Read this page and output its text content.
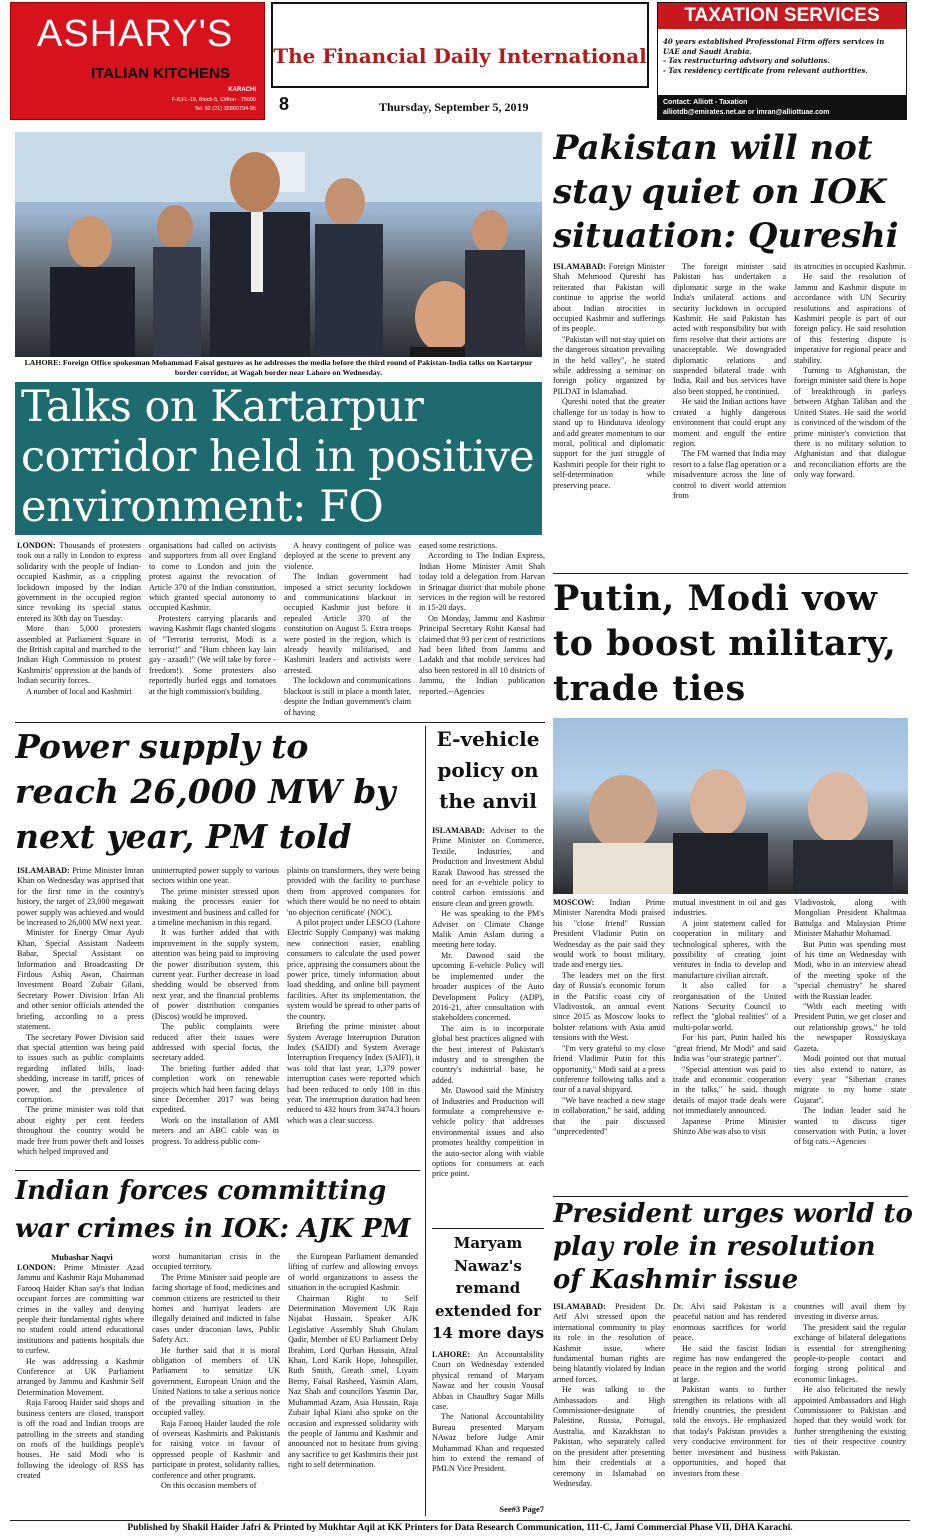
ASHARY'S
ITALIAN KITCHENS
KARACHI
F-8,FL-19, Block-5, Clifton - 75600
Tel: 92 (21) 35860794-95
The Financial Daily International
8	Thursday, September 5, 2019
TAXATION SERVICES
40 years established Professional Firm offers services in UAE and Saudi Arabia.
- Tax restructuring advisory and solutions.
- Tax residency certificate from relevant authorities.
Contact: Alliott - Taxation
alliotdb@emirates.net.ae or imran@alliottuae.com
LAHORE: Foreign Office spokesman Mohammad Faisal gestures as he addresses the media before the third round of Pakistan-India talks on Kartarpur border corridor, at Wagah border near Lahore on Wednesday.
Talks on Kartarpur corridor held in positive environment: FO

LONDON: Thousands of protesters took out a rally in London to express solidarity with the people of Indian-occupied Kashmir, as a crippling lockdown imposed by the Indian government in the occupied region since revoking its special status entered its 30th day on Tuesday.

More than 5,000 protesters assembled at Parliament Square in the British capital and marched to the Indian High Commission to protest Kashmiris' oppression at the hands of Indian security forces.

A number of local and Kashmiri

organisations had called on activists and supporters from all over England to come to London and join the protest against the revocation of Article 370 of the Indian constitution, which granted special autonomy to occupied Kashmir.

Protesters carrying placards and waving Kashmir flags chanted slogans of "Terrorist terrorist, Modi is a terrorist!" and "Hum chheen kay lain gay - azaadi!" (We will take by force - freedom!). Some protesters also reportedly hurled eggs and tomatoes at the high commission's building.

A heavy contingent of police was deployed at the scene to prevent any violence.

The Indian government had imposed a strict security lockdown and communications blackout in occupied Kashmir just before it repealed Article 370 of the constitution on August 5. Extra troops were posted in the region, which is already heavily militarised, and Kashmiri leaders and activists were arrested.

The lockdown and communications blackout is still in place a month later, despite the Indian government's claim of having

eased some restrictions.

According to The Indian Express, Indian Home Minister Amit Shah today told a delegation from Harvan in Srinagar district that mobile phone services in the region will be restored in 15-20 days.

On Monday, Jammu and Kashmir Principal Secretary Rohit Kansal had claimed that 93 per cent of restrictions had been lifted from Jammu and Ladakh and that mobile services had also been restored in all 10 districts of Jammu, the Indian publication reported.--Agencies

Pakistan will not stay quiet on IOK situation: Qureshi

ISLAMABAD: Foreign Minister Shah Mehmood Qureshi has reiterated that Pakistan will continue to apprise the world about Indian atrocities in occupied Kashmir and sufferings of its people.

"Pakistan will not stay quiet on the dangerous situation prevailing in the held valley", he stated while addressing a seminar on foreign policy organized by PILDAT in Islamabad.

Qureshi noted that the greater challenge for us today is how to stand up to Hindutava ideology and add greater momentum to our moral, political and diplomatic support for the just struggle of Kashmiri people for their right to self-determination while preserving peace.

The foreign minister said Pakistan has undertaken a diplomatic surge in the wake India's unilateral actions and security lockdown in occupied Kashmir. He said Pakistan has acted with responsibility but with firm resolve that their actions are unacceptable. We downgraded diplomatic relations and suspended bilateral trade with India, Rail and bus services have also been stopped, he continued.

He said the Indian actions have created a highly dangerous environment that could erupt any moment and engulf the entire region.

The FM warned that India may resort to a false flag operation or a misadventure across the line of control to divert world attention from

its atrocities in occupied Kashmir.

He said the resolution of Jammu and Kashmir dispute in accordance with UN Security resolutions and aspirations of Kashmiri people is part of our foreign policy. He said resolution of this festering dispute is imperative for regional peace and stability.

Turning to Afghanistan, the foreign minister said there is hope of breakthrough in parleys between Afghan Taliban and the United States. He said the world is convinced of the wisdom of the prime minister's conviction that there is no military solution to Afghanistan and that dialogue and reconciliation efforts are the only way forward.

Putin, Modi vow to boost military, trade ties

MOSCOW: Indian Prime Minister Narendra Modi praised his "close friend" Russian President Vladimir Putin on Wednesday as the pair said they would work to boost military, trade and energy ties.

The leaders met on the first day of Russia's economic forum in the Pacific coast city of Vladivostok, an annual event since 2015 as Moscow looks to bolster relations with Asia amid tensions with the West.

"I'm very grateful to my close friend Vladimir Putin for this opportunity," Modi said at a press conference following talks and a tour of a naval shipyard.

"We have reached a new stage in collaboration," he said, adding that the pair discussed "unprecedented"

mutual investment in oil and gas industries.

A joint statement called for cooperation in military and technological spheres, with the possibility of creating joint ventures in India to develop and manufacture civilian aircraft.

It also called for a reorganisation of the United Nations Security Council to reflect the "global realities" of a multi-polar world.

For his part, Putin hailed his "great friend, Mr Modi" and said India was "our strategic partner".

"Special attention was paid to trade and economic cooperation in the talks," he said, though details of major trade deals were not immediately announced.

Japanese Prime Minister Shinzo Abe was also to visit

Vladivostok, along with Mongolian President Khaltmaa Battulga and Malaysian Prime Minister Mahathir Mohamad.

But Putin was spending most of his time on Wednesday with Modi, who in an interview ahead of the meeting spoke of the "special chemistry" he shared with the Russian leader.

"With each meeting with President Putin, we get closer and our relationship grows," he told the newspaper Rossiyskaya Gazeta.

Modi pointed out that mutual ties also extend to nature, as every year "Siberian cranes migrate to my home state Gujarat".

The Indian leader said he wanted to discuss tiger conservation with Putin, a lover of big cats.--Agencies

President urges world to play role in resolution of Kashmir issue

ISLAMABAD: President Dr. Arif Alvi stressed upon the international community to play its role in the resolution of Kashmir issue, where fundamental human rights are being blatantly violated by Indian armed forces.

He was talking to the Ambassadors and High Commissioner-designate of Palestine, Russia, Portugal, Australia, and Kazakhstan to Pakistan, who separately called on the president after presenting him their credentials at a ceremony in Islamabad on Wednesday.

Dr. Alvi said Pakistan is a peaceful nation and has rendered enormous sacrifices for world peace.

He said the fascist Indian regime has now endangered the peace in the region and the world at large.

Pakistan wants to further strengthen its relations with all friendly countries, the president told the envoys. He emphasized that today's Pakistan provides a very conducive environment for better investment and business opportunities, and hoped that investors from these

countries will avail them by investing in diverse areas.

The president said the regular exchange of bilateral delegations is essential for strengthening people-to-people contact and forging strong political and economic linkages.

He also felicitated the newly appointed Ambassadors and High Commissioner to Pakistan and hoped that they would work for further strengthening the existing ties of their respective country with Pakistan.

Power supply to reach 26,000 MW by next year, PM told

ISLAMABAD: Prime Minister Imran Khan on Wednesday was apprised that for the first time in the country's history, the target of 23,000 megawatt power supply was achieved and would be increased to 26,000 MW next year.

Minister for Energy Omar Ayub Khan, Special Assistant Nadeem Babar, Special Assistant on Information and Broadcasting Dr Firdous Ashiq Awan, Chairman Investment Board Zubair Gilani, Secretary Power Division Irfan Ali and other senior officials attended the briefing, according to a press statement.

The secretary Power Division said that special attention was being paid to issues such as public complaints regarding inflated bills, load-shedding, increase in tariff, prices of power, and the prevalence of corruption.

The prime minister was told that about eighty per cent feeders throughout the country would be made free from power theft and losses which helped improved and

uninterrupted power supply to various sectors within one year.

The prime minister stressed upon making the processes easier for investment and business and called for a timeline mechanism in this regard.

It was further added that with improvement in the supply system, attention was being paid to improving the power distribution system, this current year. Further decrease in load shedding would be observed from next year, and the financial problems of power distribution companies (Discos) would be improved.

The public complaints were reduced after their issues were addressed with special focus, the secretary added.

The briefing further added that completion work on renewable projects which had been facing delays since December 2017 was being expedited.

Work on the installation of AMI meters and an ABC cable was in progress. To address public com-

plaints on transformers, they were being provided with the facility to purchase them from approved companies for which there would be no need to obtain 'no objection certificate' (NOC).

A pilot project under LESCO (Lahore Electric Supply Company) was making new connection easier, enabling consumers to calculate the used power price, apprising the consumers about the power price, timely information about load shedding, and online bill payment facilities. After its implementation, the system would be spread to other parts of the country.

Briefing the prime minister about System Average Interruption Duration Index (SAIDI) and System Average Interruption Frequency Index (SAIFI), it was told that last year, 1,379 power interruption cases were reported which had been reduced to only 108 in this year. The interruption duration had been reduced to 432 hours from 3474.3 hours which was a clear success.

E-vehicle policy on the anvil

ISLAMABAD: Adviser to the Prime Minister on Commerce, Textile, Industries, and Production and Investment Abdul Razak Dawood has stressed the need for an e-vehicle policy to control carbon emissions and ensure clean and green growth.

He was speaking to the PM's Adviser on Climate Change Malik Amin Aslam during a meeting here today.

Mr. Dawood said the upcoming E-vehicle Policy will be implemented under the broader auspices of the Auto Development Policy (ADP), 2016-21, after consultation with stakeholders concerned.

The aim is to incorporate global best practices aligned with the best interest of Pakistan's industry and to strengthen the country's industrial base, he added.

Mr. Dawood said the Ministry of Industries and Production will formulate a comprehensive e-vehicle policy that addresses environmental issues and also promotes healthy competition in the auto-sector along with viable options for consumers at each price point.

Maryam Nawaz's remand extended for 14 more days

LAHORE: An Accountability Court on Wednesday extended physical remand of Maryam Nawaz and her cousin Yousaf Abbas in Chaudhry Sugar Mills case.

The National Accountability Bureau presented Maryam NAwaz before Judge Amir Muhammad Khan and requested him to extend the remand of PMLN Vice President.

See#3 Page7
Indian forces committing war crimes in IOK: AJK PM
Mubashar Naqvi

LONDON: Prime Minister Azad Jammu and Kashmir Raja Muhammad Farooq Haider Khan say's that Indian occupant forces are committing war crimes in the valley and denying people their fundamental rights where no student could attend educational institutions and patients hospitals due to curfew.

He was addressing a Kashmir Conference at UK Parliament arranged by Jammu and Kashmir Self Determination Movement.

Raja Farooq Haider said shops and business centers are closed, transport is off the road and Indian troops are patrolling in the streets and standing on roofs of the buildings people's houses. He said Modi who is following the ideology of RSS has created

worst humanitarian crisis in the occupied territory.

The Prime Minister said people are facing shortage of food, medicines and common citizens are restricted to their homes and hurriyat leaders are illegally detained and indicted in false cases under draconian laws, Public Safety Act.

He further said that it is moral obligation of members of UK Parliament to sensitize UK government, European Union and the United Nations to take a serious notice of the prevailing situation in the occupied valley.

Raja Farooq Haider lauded the role of overseas Kashmiris and Pakistanis for raising voice in favour of oppressed people of Kashmir and participate in protest, solidarity rallies, conference and other programs.

On this occasion members of

the European Parliament demanded lifting of curfew and allowing envoys of world organizations to assess the situation in the occupied Kashmir.

Chairman Right to Self Determination Movement UK Raja Nijabat Hussain, Speaker AJK Legislative Assembly Shah Ghulam Qadir, Member of EU Parliament Deby Ibrahim, Lord Qurban Hussain, Afzal Khan, Lord Karik Hope, Johnspiller, Ruth Smith, Greath smel, Liyam Berny, Faisal Rasheed, Yasmin Alam, Naz Shah and councilors Yasmin Dar, Muhammad Azam, Asia Hussain, Raja Zubair Iqbal Kiani also spoke on the occasion and expressed solidarity with the people of Jammu and Kashmir and announced not to hesitate from giving any sacrifice to get Kashmiris their just right to self determination.

Published by Shakil Haider Jafri & Printed by Mukhtar Aqil at KK Printers for Data Research Communication, 111-C, Jami Commercial Phase VII, DHA Karachi.
